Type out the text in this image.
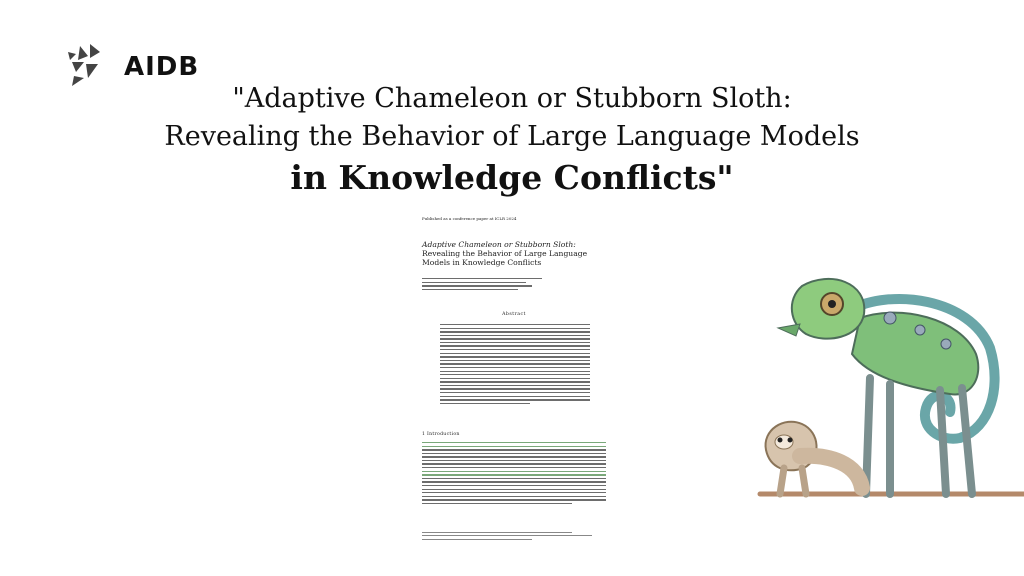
AIDB
"Adaptive Chameleon or Stubborn Sloth:
Revealing the Behavior of Large Language Models
in Knowledge Conflicts"
Published as a conference paper at ICLR 2024
Adaptive Chameleon or Stubborn Sloth:
Revealing the Behavior of Large Language Models in Knowledge Conflicts
Abstract
1 Introduction
